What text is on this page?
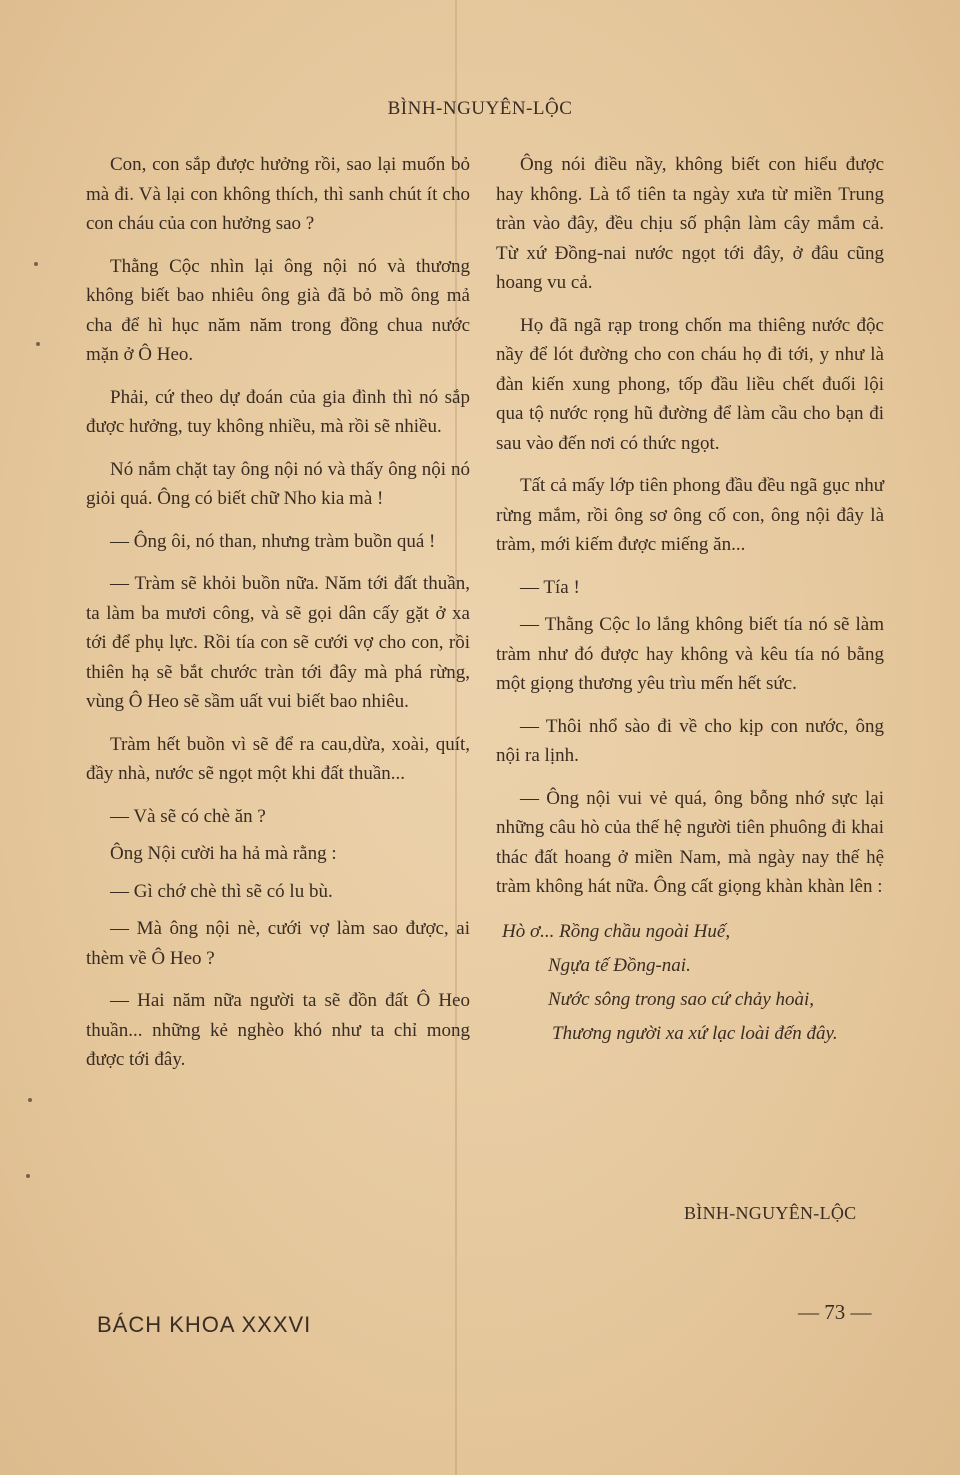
BÌNH-NGUYÊN-LỘC

Con, con sắp được hưởng rồi, sao lại muốn bỏ mà đi. Và lại con không thích, thì sanh chút ít cho con cháu của con hưởng sao ?

Thằng Cộc nhìn lại ông nội nó và thương không biết bao nhiêu ông già đã bỏ mồ ông mả cha để hì hục năm năm trong đồng chua nước mặn ở Ô Heo.

Phải, cứ theo dự đoán của gia đình thì nó sắp được hưởng, tuy không nhiều, mà rồi sẽ nhiều.

Nó nắm chặt tay ông nội nó và thấy ông nội nó giỏi quá. Ông có biết chữ Nho kia mà !

— Ông ôi, nó than, nhưng tràm buồn quá !

— Tràm sẽ khỏi buồn nữa. Năm tới đất thuần, ta làm ba mươi công, và sẽ gọi dân cấy gặt ở xa tới để phụ lực. Rồi tía con sẽ cưới vợ cho con, rồi thiên hạ sẽ bắt chước tràn tới đây mà phá rừng, vùng Ô Heo sẽ sầm uất vui biết bao nhiêu.

Tràm hết buồn vì sẽ để ra cau,dừa, xoài, quít, đầy nhà, nước sẽ ngọt một khi đất thuần...

— Và sẽ có chè ăn ?

Ông Nội cười ha hả mà rằng :

— Gì chớ chè thì sẽ có lu bù.

— Mà ông nội nè, cưới vợ làm sao được, ai thèm về Ô Heo ?

— Hai năm nữa người ta sẽ đồn đất Ô Heo thuần... những kẻ nghèo khó như ta chỉ mong được tới đây.

Ông nói điều nầy, không biết con hiểu được hay không. Là tổ tiên ta ngày xưa từ miền Trung tràn vào đây, đều chịu số phận làm cây mắm cả. Từ xứ Đồng-nai nước ngọt tới đây, ở đâu cũng hoang vu cả.

Họ đã ngã rạp trong chốn ma thiêng nước độc nầy để lót đường cho con cháu họ đi tới, y như là đàn kiến xung phong, tốp đầu liều chết đuối lội qua tộ nước rọng hũ đường để làm cầu cho bạn đi sau vào đến nơi có thức ngọt.

Tất cả mấy lớp tiên phong đầu đều ngã gục như rừng mắm, rồi ông sơ ông cố con, ông nội đây là tràm, mới kiếm được miếng ăn...

— Tía !

— Thằng Cộc lo lắng không biết tía nó sẽ làm tràm như đó được hay không và kêu tía nó bằng một giọng thương yêu trìu mến hết sức.

— Thôi nhổ sào đi về cho kịp con nước, ông nội ra lịnh.

— Ông nội vui vẻ quá, ông bỗng nhớ sực lại những câu hò của thế hệ người tiên phuông đi khai thác đất hoang ở miền Nam, mà ngày nay thế hệ tràm không hát nữa. Ông cất giọng khàn khàn lên :

Hò ơ... Rồng chầu ngoài Huế,
Ngựa tế Đồng-nai.
Nước sông trong sao cứ chảy hoài,
Thương người xa xứ lạc loài đến đây.
BÌNH-NGUYÊN-LỘC
BÁCH KHOA XXXVI	— 73 —
